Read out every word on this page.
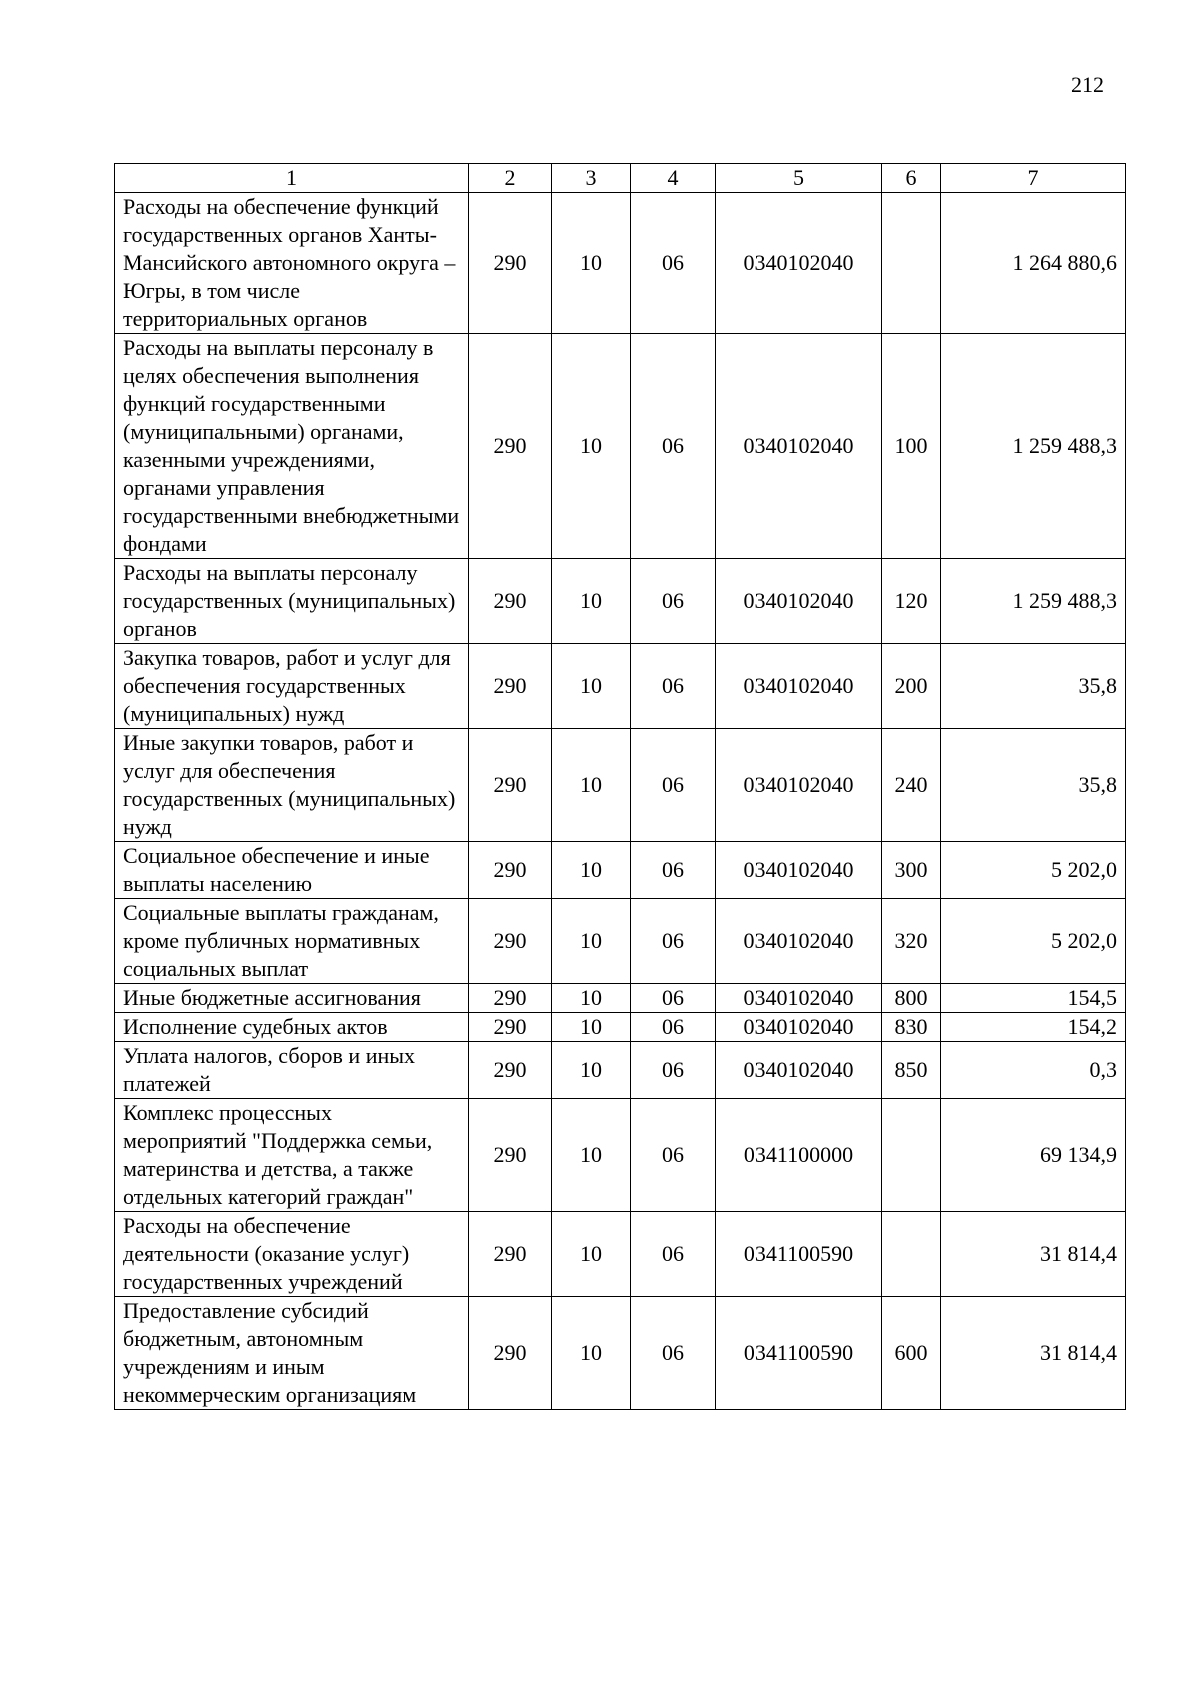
212
1	2	3	4	5	6	7
Расходы на обеспечение функций государственных органов Ханты-Мансийского автономного округа – Югры, в том числе территориальных органов	290	10	06	0340102040		1 264 880,6
Расходы на выплаты персоналу в целях обеспечения выполнения функций государственными (муниципальными) органами, казенными учреждениями, органами управления государственными внебюджетными фондами	290	10	06	0340102040	100	1 259 488,3
Расходы на выплаты персоналу государственных (муниципальных) органов	290	10	06	0340102040	120	1 259 488,3
Закупка товаров, работ и услуг для обеспечения государственных (муниципальных) нужд	290	10	06	0340102040	200	35,8
Иные закупки товаров, работ и услуг для обеспечения государственных (муниципальных) нужд	290	10	06	0340102040	240	35,8
Социальное обеспечение и иные выплаты населению	290	10	06	0340102040	300	5 202,0
Социальные выплаты гражданам, кроме публичных нормативных социальных выплат	290	10	06	0340102040	320	5 202,0
Иные бюджетные ассигнования	290	10	06	0340102040	800	154,5
Исполнение судебных актов	290	10	06	0340102040	830	154,2
Уплата налогов, сборов и иных платежей	290	10	06	0340102040	850	0,3
Комплекс процессных мероприятий "Поддержка семьи, материнства и детства, а также отдельных категорий граждан"	290	10	06	0341100000		69 134,9
Расходы на обеспечение деятельности (оказание услуг) государственных учреждений	290	10	06	0341100590		31 814,4
Предоставление субсидий бюджетным, автономным учреждениям и иным некоммерческим организациям	290	10	06	0341100590	600	31 814,4
